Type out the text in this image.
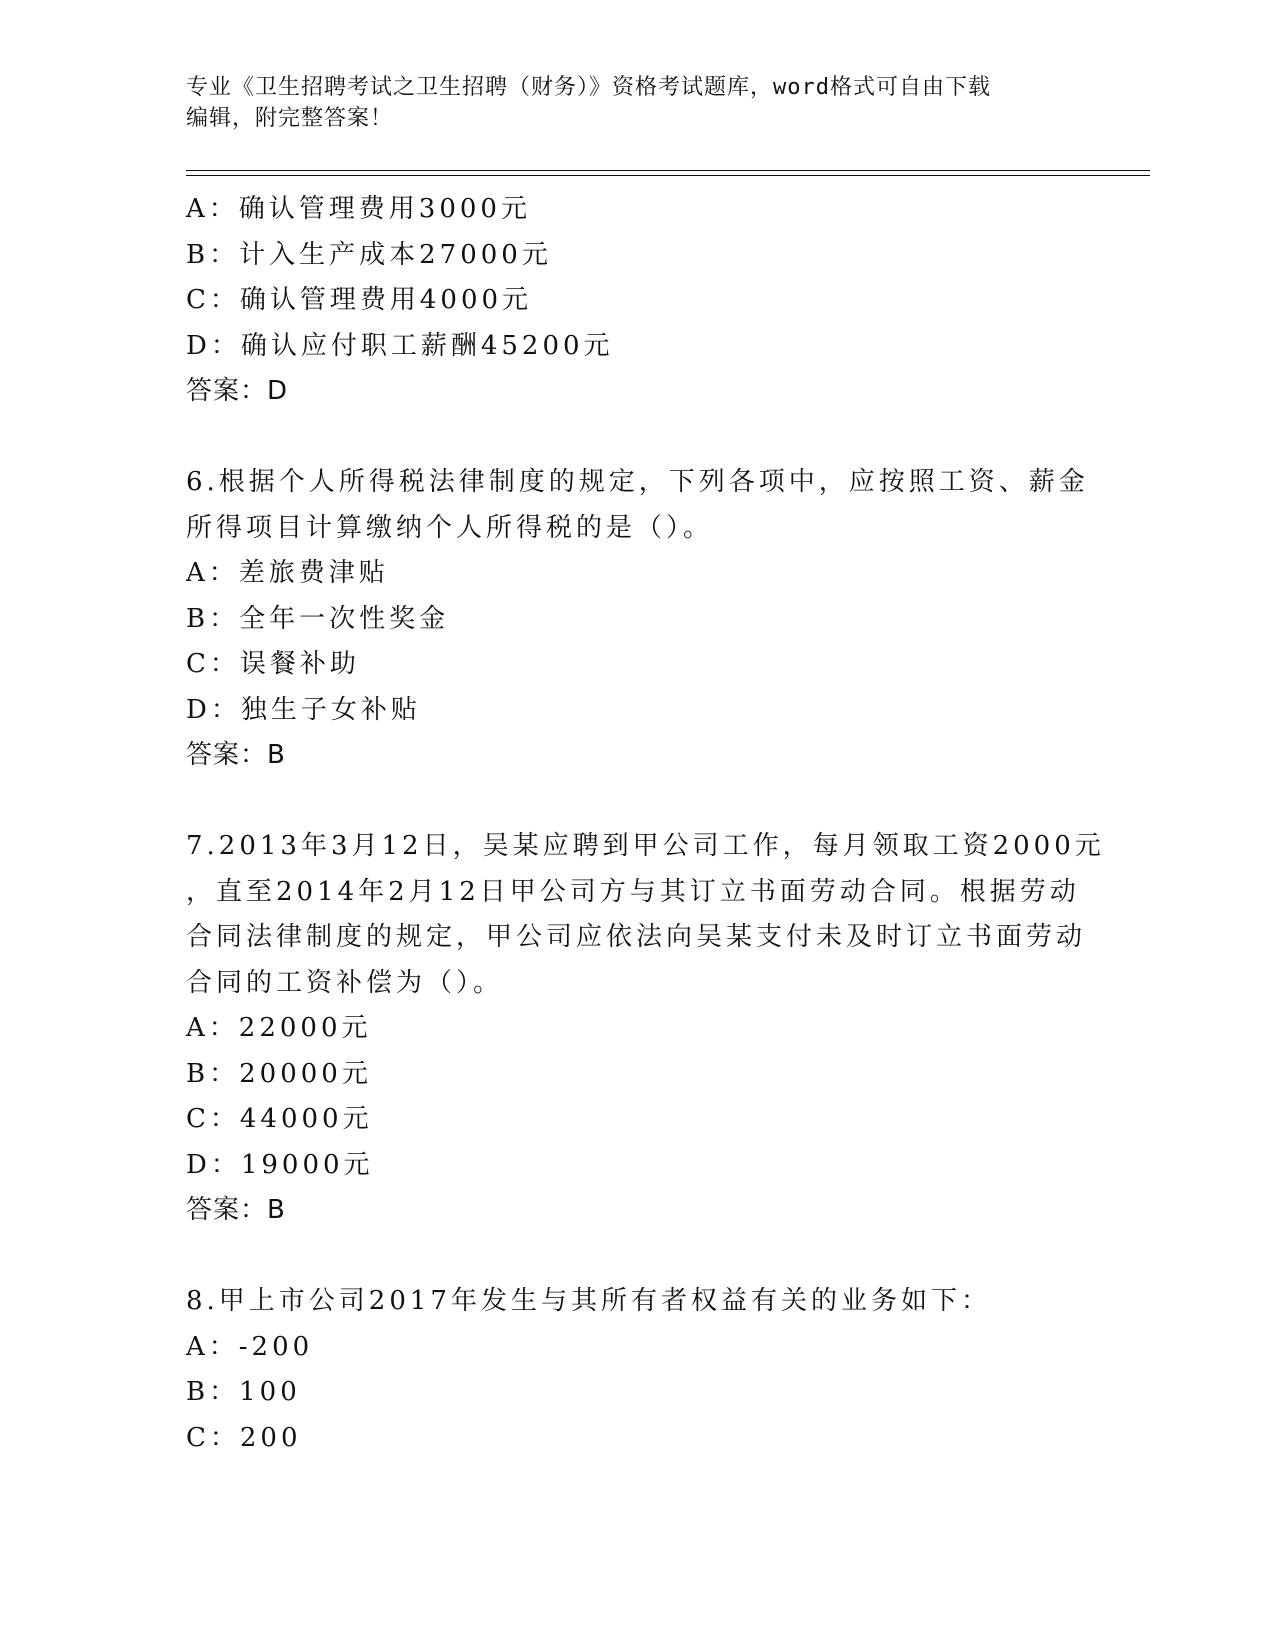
专业《卫生招聘考试之卫生招聘（财务）》资格考试题库，word格式可自由下载

编辑，附完整答案！

A：确认管理费用3000元

B：计入生产成本27000元

C：确认管理费用4000元

D：确认应付职工薪酬45200元

答案：D

6.根据个人所得税法律制度的规定，下列各项中，应按照工资、薪金

所得项目计算缴纳个人所得税的是（）。

A：差旅费津贴

B：全年一次性奖金

C：误餐补助

D：独生子女补贴

答案：B

7.2013年3月12日，吴某应聘到甲公司工作，每月领取工资2000元

，直至2014年2月12日甲公司方与其订立书面劳动合同。根据劳动

合同法律制度的规定，甲公司应依法向吴某支付未及时订立书面劳动

合同的工资补偿为（）。

A：22000元

B：20000元

C：44000元

D：19000元

答案：B

8.甲上市公司2017年发生与其所有者权益有关的业务如下：

A：-200

B：100

C：200
